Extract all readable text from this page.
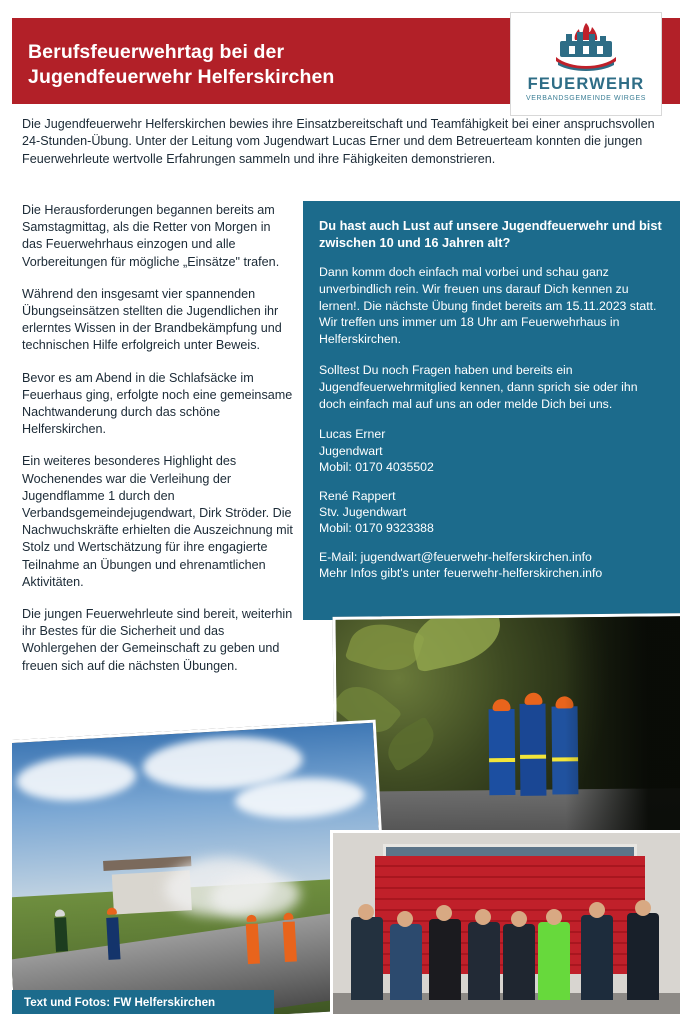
Berufsfeuerwehrtag bei der
Jugendfeuerwehr Helferskirchen	FEUERWEHR
VERBANDSGEMEINDE WIRGES

Die Jugendfeuerwehr Helferskirchen bewies ihre Einsatzbereitschaft und Teamfähigkeit bei einer anspruchsvollen 24-Stunden-Übung. Unter der Leitung vom Jugendwart Lucas Erner und dem Betreuerteam konnten die jungen Feuerwehrleute wertvolle Erfahrungen sammeln und ihre Fähigkeiten demonstrieren.

Die Herausforderungen begannen bereits am Samstagmittag, als die Retter von Morgen in das Feuerwehrhaus einzogen und alle Vorbereitungen für mögliche „Einsätze" trafen.

Während den insgesamt vier spannenden Übungseinsätzen stellten die Jugendlichen ihr erlerntes Wissen in der Brandbekämpfung und technischen Hilfe erfolgreich unter Beweis.

Bevor es am Abend in die Schlafsäcke im Feuerhaus ging, erfolgte noch eine gemeinsame Nachtwanderung durch das schöne Helferskirchen.

Ein weiteres besonderes Highlight des Wochenendes war die Verleihung der Jugendflamme 1 durch den Verbandsgemeindejugendwart, Dirk Ströder. Die Nachwuchskräfte erhielten die Auszeichnung mit Stolz und Wertschätzung für ihre engagierte Teilnahme an Übungen und ehrenamtlichen Aktivitäten.

Die jungen Feuerwehrleute sind bereit, weiterhin ihr Bestes für die Sicherheit und das Wohlergehen der Gemeinschaft zu geben und freuen sich auf die nächsten Übungen.

Du hast auch Lust auf unsere Jugendfeuerwehr und bist zwischen 10 und 16 Jahren alt?

Dann komm doch einfach mal vorbei und schau ganz unverbindlich rein. Wir freuen uns darauf Dich kennen zu lernen!. Die nächste Übung findet bereits am 15.11.2023 statt. Wir treffen uns immer um 18 Uhr am Feuerwehrhaus in Helferskirchen.

Solltest Du noch Fragen haben und bereits ein Jugendfeuerwehrmitglied kennen, dann sprich sie oder ihn doch einfach mal auf uns an oder melde Dich bei uns.

Lucas Erner
Jugendwart
Mobil: 0170 4035502
René Rappert
Stv. Jugendwart
Mobil: 0170 9323388
E-Mail: jugendwart@feuerwehr-helferskirchen.info
Mehr Infos gibt's unter feuerwehr-helferskirchen.info
Text und Fotos: FW Helferskirchen
